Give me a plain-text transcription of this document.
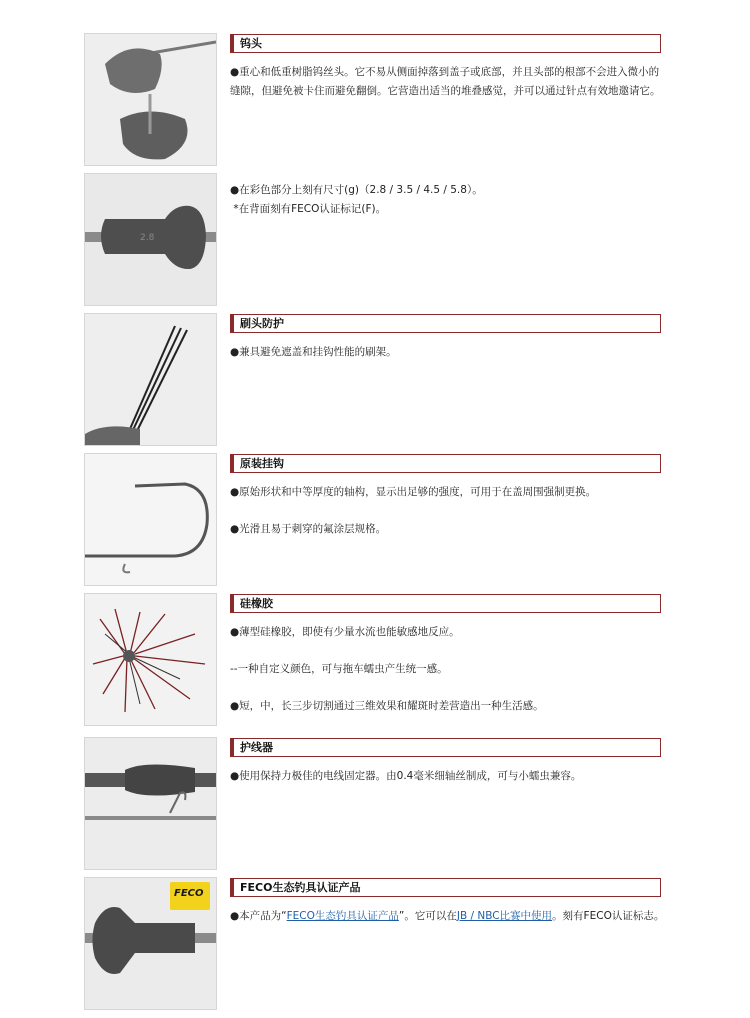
钨头

●重心和低重树脂钨丝头。它不易从侧面掉落到盖子或底部，并且头部的根部不会进入微小的缝隙，但避免被卡住而避免翻倒。它营造出适当的堆叠感觉，并可以通过针点有效地邀请它。

2.8

●在彩色部分上刻有尺寸(g)（2.8 / 3.5 / 4.5 / 5.8）。

*在背面刻有FECO认证标记(F)。

刷头防护

●兼具避免遮盖和挂钩性能的刷架。

原装挂钩

●原始形状和中等厚度的轴构，显示出足够的强度，可用于在盖周围强制更换。

●光滑且易于刺穿的氟涂层规格。

硅橡胶

●薄型硅橡胶，即使有少量水流也能敏感地反应。

--一种自定义颜色，可与拖车蠕虫产生统一感。

●短，中，长三步切割通过三维效果和耀斑时差营造出一种生活感。

护线器

●使用保持力极佳的电线固定器。由0.4毫米细轴丝制成，可与小蠕虫兼容。

FECO	FECO生态钓具认证产品

●本产品为“FECO生态钓具认证产品”。它可以在JB / NBC比赛中使用。刻有FECO认证标志。
